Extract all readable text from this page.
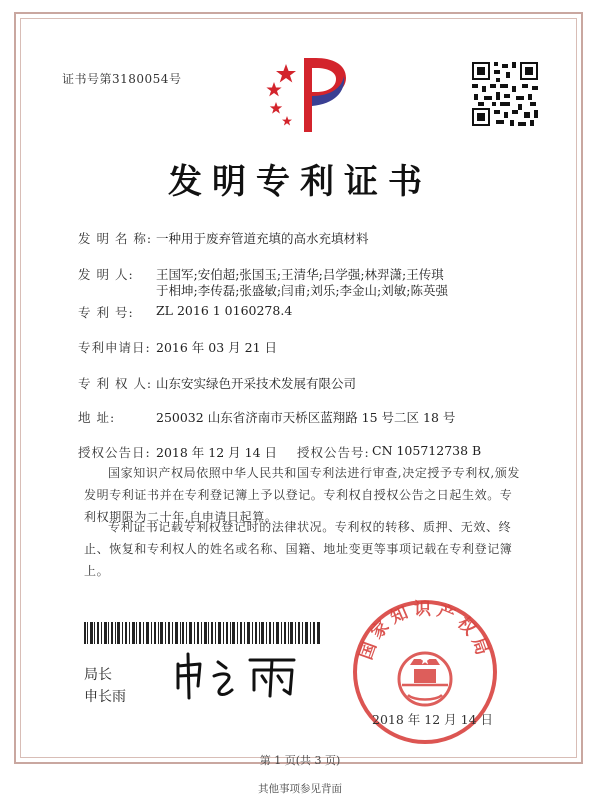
证书号第3180054号
发明专利证书
发 明 名 称: 一种用于废弃管道充填的高水充填材料
发 明 人: 王国军;安伯超;张国玉;王清华;吕学强;林羿潇;王传琪
于相坤;李传磊;张盛敏;闫甫;刘乐;李金山;刘敏;陈英强
专 利 号: ZL 2016 1 0160278.4
专利申请日: 2016 年 03 月 21 日
专 利 权 人: 山东安实绿色开采技术发展有限公司
地 址:	250032 山东省济南市天桥区蓝翔路 15 号二区 18 号
授权公告日: 2018 年 12 月 14 日 授权公告号: CN 105712738 B
国家知识产权局依照中华人民共和国专利法进行审查,决定授予专利权,颁发发明专利证书并在专利登记簿上予以登记。专利权自授权公告之日起生效。专利权期限为二十年,自申请日起算。
专利证书记载专利权登记时的法律状况。专利权的转移、质押、无效、终止、恢复和专利权人的姓名或名称、国籍、地址变更等事项记载在专利登记簿上。
局长
申长雨
国家知识产权局
2018 年 12 月 14 日
第 1 页(共 3 页)
其他事项参见背面
